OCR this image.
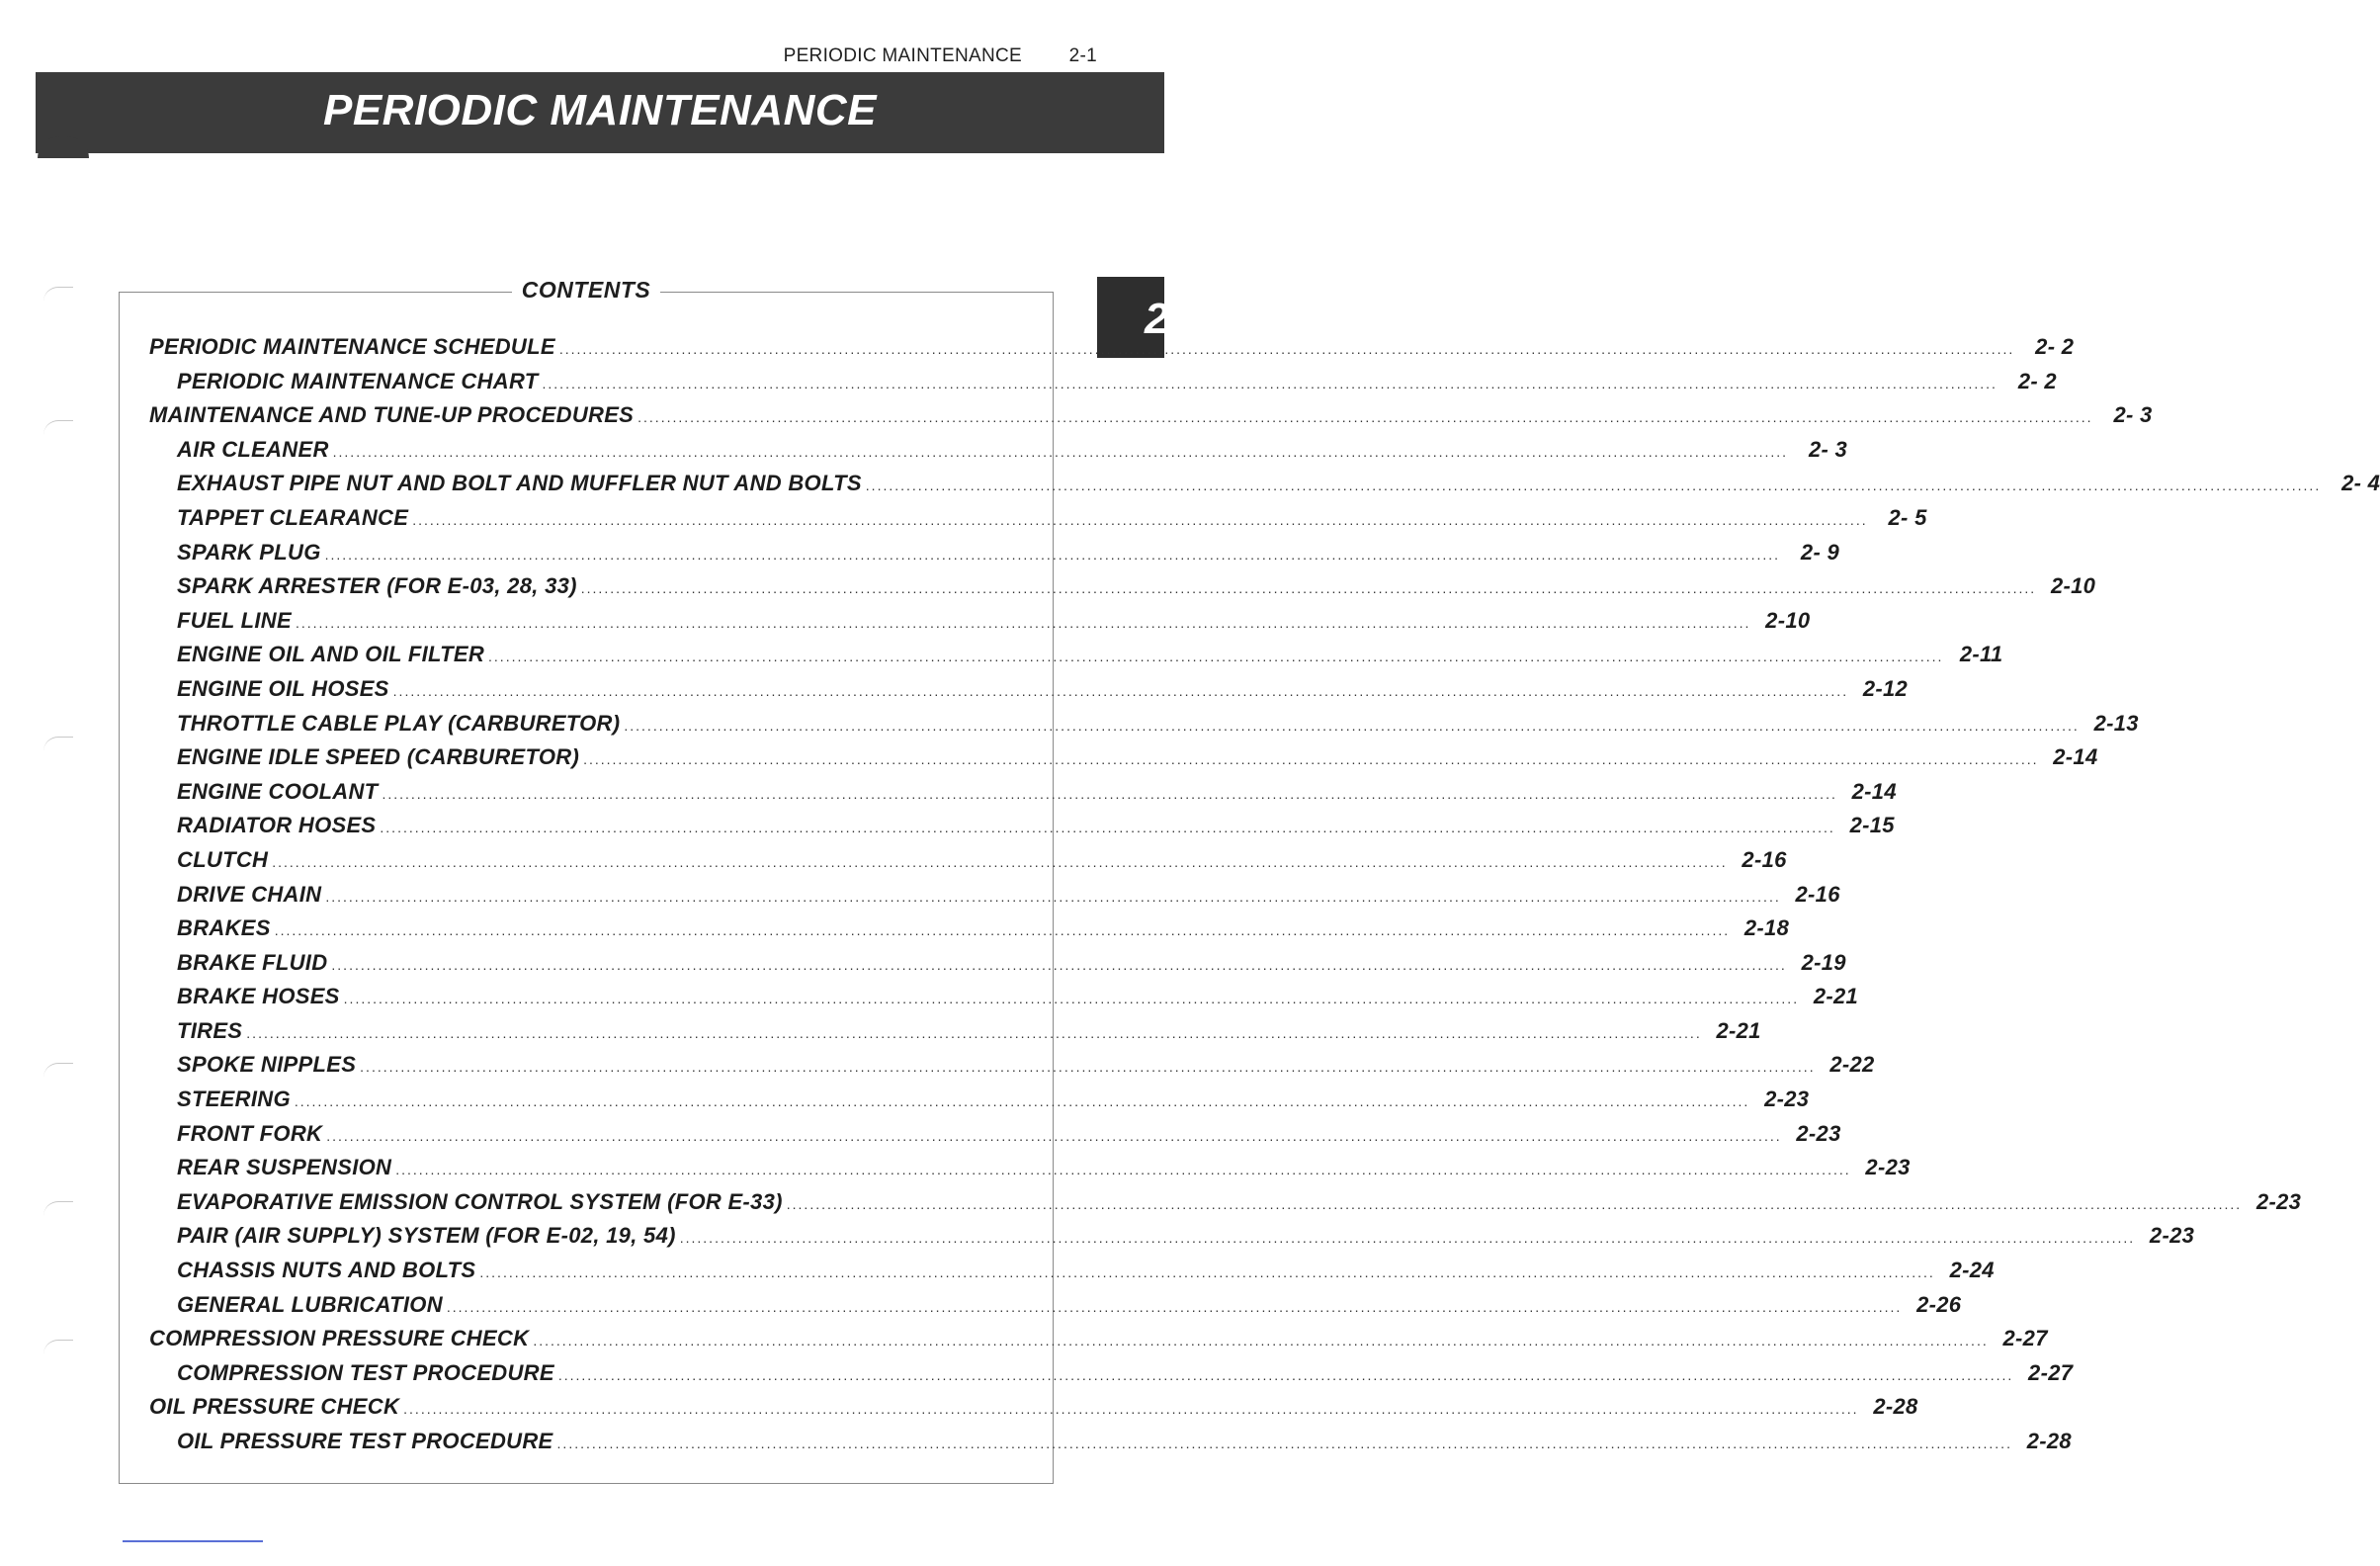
PERIODIC MAINTENANCE	2-1
PERIODIC MAINTENANCE
2
CONTENTS
PERIODIC MAINTENANCE SCHEDULE .....	2- 2
PERIODIC MAINTENANCE CHART .....	2- 2
MAINTENANCE AND TUNE-UP PROCEDURES .....	2- 3
AIR CLEANER .....	2- 3
EXHAUST PIPE NUT AND BOLT AND MUFFLER NUT AND BOLTS .....	2- 4
TAPPET CLEARANCE .....	2- 5
SPARK PLUG .....	2- 9
SPARK ARRESTER (FOR E-03, 28, 33) .....	2-10
FUEL LINE .....	2-10
ENGINE OIL AND OIL FILTER .....	2-11
ENGINE OIL HOSES .....	2-12
THROTTLE CABLE PLAY (CARBURETOR) .....	2-13
ENGINE IDLE SPEED (CARBURETOR) .....	2-14
ENGINE COOLANT .....	2-14
RADIATOR HOSES .....	2-15
CLUTCH .....	2-16
DRIVE CHAIN .....	2-16
BRAKES .....	2-18
BRAKE FLUID .....	2-19
BRAKE HOSES .....	2-21
TIRES .....	2-21
SPOKE NIPPLES .....	2-22
STEERING .....	2-23
FRONT FORK .....	2-23
REAR SUSPENSION .....	2-23
EVAPORATIVE EMISSION CONTROL SYSTEM (FOR E-33) .....	2-23
PAIR (AIR SUPPLY) SYSTEM (FOR E-02, 19, 54) .....	2-23
CHASSIS NUTS AND BOLTS .....	2-24
GENERAL LUBRICATION .....	2-26
COMPRESSION PRESSURE CHECK .....	2-27
COMPRESSION TEST PROCEDURE .....	2-27
OIL PRESSURE CHECK .....	2-28
OIL PRESSURE TEST PROCEDURE .....	2-28
